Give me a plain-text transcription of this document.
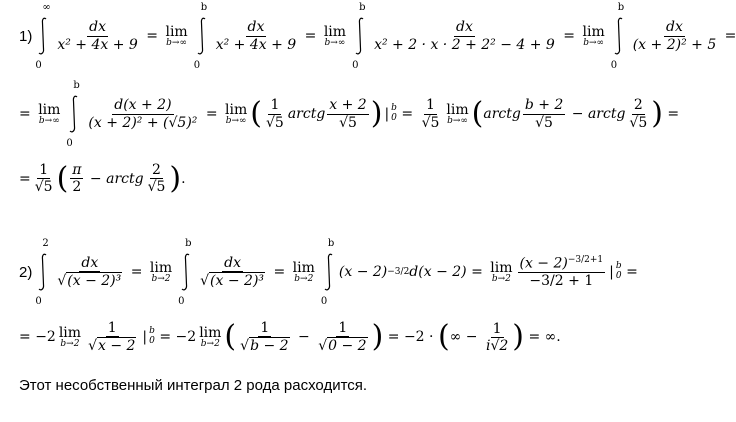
1)
∞
0
$\frac{dx}{\text{x² + 4x + 9}} = \lim$
b→∞
b
0
$\frac{dx}{\text{x² + 4x + 9}} = \lim$
b→∞
b
0
$\frac{dx}{\text{x² + 2 · x · 2 + 2² − 4 + 9}} = \lim$
b→∞
b
0
$\frac{dx}{\text{(x + 2)² + 5}}$ =
= lim
b→∞
b
0
$\frac{d(x + 2)}{\text{(x + 2)² + (√5)²}} = \lim$
b→∞ ( $\frac{1}{√5}$ arctg $\frac{x + 2}{√5}$ ) | b
$0 = \frac{1}{√5}$ lim
b→∞ ( arctg $\frac{b + 2}{√5}$ − arctg $\frac{2}{√5}$ ) =
= $\frac{1}{√5}$ ( $\frac{\pi}{2}$ − arctg $\frac{2}{√5}$ ) .
2)
2
0
$\frac{dx}{\text{√ (x − 2)³}} = \lim$
b→2
b
0
$\frac{dx}{\text{√ (x − 2)³}} = \lim$
b→2
b
0
(x − 2) −3/2 d(x − 2) = lim
$b\to 2 \frac{(x - 2)^{-3/2+1}}{-3/2 + 1}$ | b
0 =
= −2 lim
$b\to 2 \frac{1}{√ x - 2}$ | b
0 = −2 lim
b→2 ( $\frac{1}{√ b - 2} - \frac{1}{√ 0 - 2}$ ) = −2 · ( ∞ − $\frac{1}{i√2}$ ) = ∞.
Этот несобственный интеграл 2 рода расходится.
